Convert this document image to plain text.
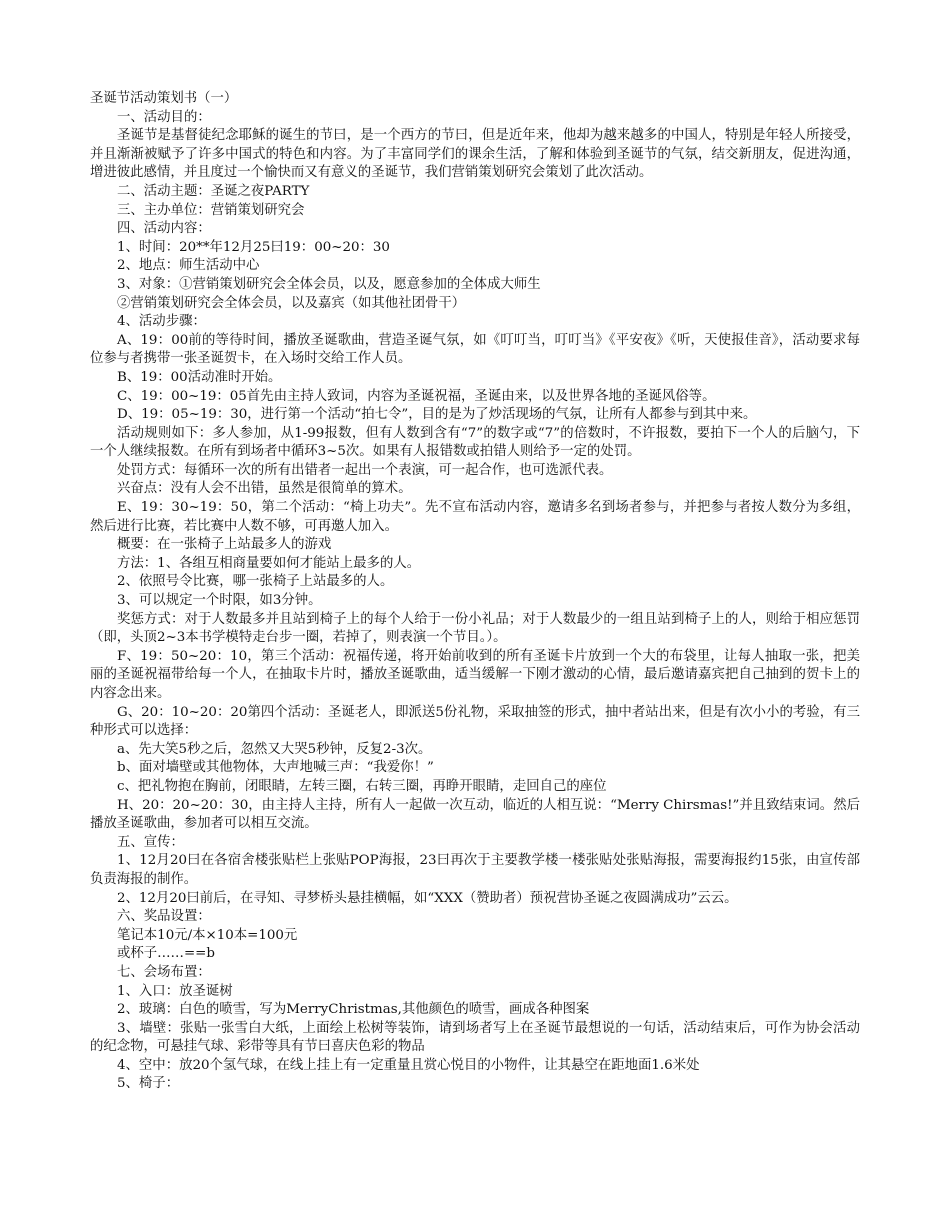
圣诞节活动策划书（一）

一、活动目的：

圣诞节是基督徒纪念耶稣的诞生的节曰，是一个西方的节曰，但是近年来，他却为越来越多的中国人，特别是年轻人所接受，并且渐渐被赋予了许多中国式的特色和内容。为了丰富同学们的课余生活，了解和体验到圣诞节的气氛，结交新朋友，促进沟通，增进彼此感情，并且度过一个愉快而又有意义的圣诞节，我们营销策划研究会策划了此次活动。

二、活动主题：圣诞之夜PARTY

三、主办单位：营销策划研究会

四、活动内容：

1、时间：20**年12月25曰19：00~20：30

2、地点：师生活动中心

3、对象：①营销策划研究会全体会员，以及，愿意参加的全体成大师生

②营销策划研究会全体会员，以及嘉宾（如其他社团骨干）

4、活动步骤：

A、19：00前的等待时间，播放圣诞歌曲，营造圣诞气氛，如《叮叮当，叮叮当》《平安夜》《听，天使报佳音》，活动要求每位参与者携带一张圣诞贺卡，在入场时交给工作人员。

B、19：00活动准时开始。

C、19：00~19：05首先由主持人致词，内容为圣诞祝福，圣诞由来，以及世界各地的圣诞风俗等。

D、19：05~19：30，进行第一个活动“拍七令”，目的是为了炒活现场的气氛，让所有人都参与到其中来。

活动规则如下：多人参加，从1-99报数，但有人数到含有“7”的数字或“7”的倍数时，不许报数，要拍下一个人的后脑勺，下一个人继续报数。在所有到场者中循环3~5次。如果有人报错数或拍错人则给予一定的处罚。

处罚方式：每循环一次的所有出错者一起出一个表演，可一起合作，也可选派代表。

兴奋点：没有人会不出错，虽然是很简单的算术。

E、19：30~19：50，第二个活动：“椅上功夫”。先不宣布活动内容，邀请多名到场者参与，并把参与者按人数分为多组，然后进行比赛，若比赛中人数不够，可再邀人加入。

概要：在一张椅子上站最多人的游戏

方法：1、各组互相商量要如何才能站上最多的人。

2、依照号令比赛，哪一张椅子上站最多的人。

3、可以规定一个时限，如3分钟。

奖惩方式：对于人数最多并且站到椅子上的每个人给于一份小礼品；对于人数最少的一组且站到椅子上的人，则给于相应惩罚（即，头顶2~3本书学模特走台步一圈，若掉了，则表演一个节目。）。

F、19：50~20：10，第三个活动：祝福传递，将开始前收到的所有圣诞卡片放到一个大的布袋里，让每人抽取一张，把美丽的圣诞祝福带给每一个人，在抽取卡片时，播放圣诞歌曲，适当缓解一下刚才激动的心情，最后邀请嘉宾把自己抽到的贺卡上的内容念出来。

G、20：10~20：20第四个活动：圣诞老人，即派送5份礼物，采取抽签的形式，抽中者站出来，但是有次小小的考验，有三种形式可以选择：

a、先大笑5秒之后，忽然又大哭5秒钟，反复2-3次。

b、面对墙壁或其他物体，大声地喊三声：“我爱你！”

c、把礼物抱在胸前，闭眼睛，左转三圈，右转三圈，再睁开眼睛，走回自己的座位

H、20：20~20：30，由主持人主持，所有人一起做一次互动，临近的人相互说：“Merry Chirsmas!”并且致结束词。然后播放圣诞歌曲，参加者可以相互交流。

五、宣传：

1、12月20曰在各宿舍楼张贴栏上张贴POP海报，23曰再次于主要教学楼一楼张贴处张贴海报，需要海报约15张，由宣传部负责海报的制作。

2、12月20曰前后，在寻知、寻梦桥头悬挂横幅，如“XXX（赞助者）预祝营协圣诞之夜圆满成功”云云。

六、奖品设置：

笔记本10元/本×10本=100元

或杯子……==b

七、会场布置：

1、入口：放圣诞树

2、玻璃：白色的喷雪，写为MerryChristmas,其他颜色的喷雪，画成各种图案

3、墙壁：张贴一张雪白大纸，上面绘上松树等装饰，请到场者写上在圣诞节最想说的一句话，活动结束后，可作为协会活动的纪念物，可悬挂气球、彩带等具有节曰喜庆色彩的物品

4、空中：放20个氢气球，在线上挂上有一定重量且赏心悦目的小物件，让其悬空在距地面1.6米处

5、椅子：
